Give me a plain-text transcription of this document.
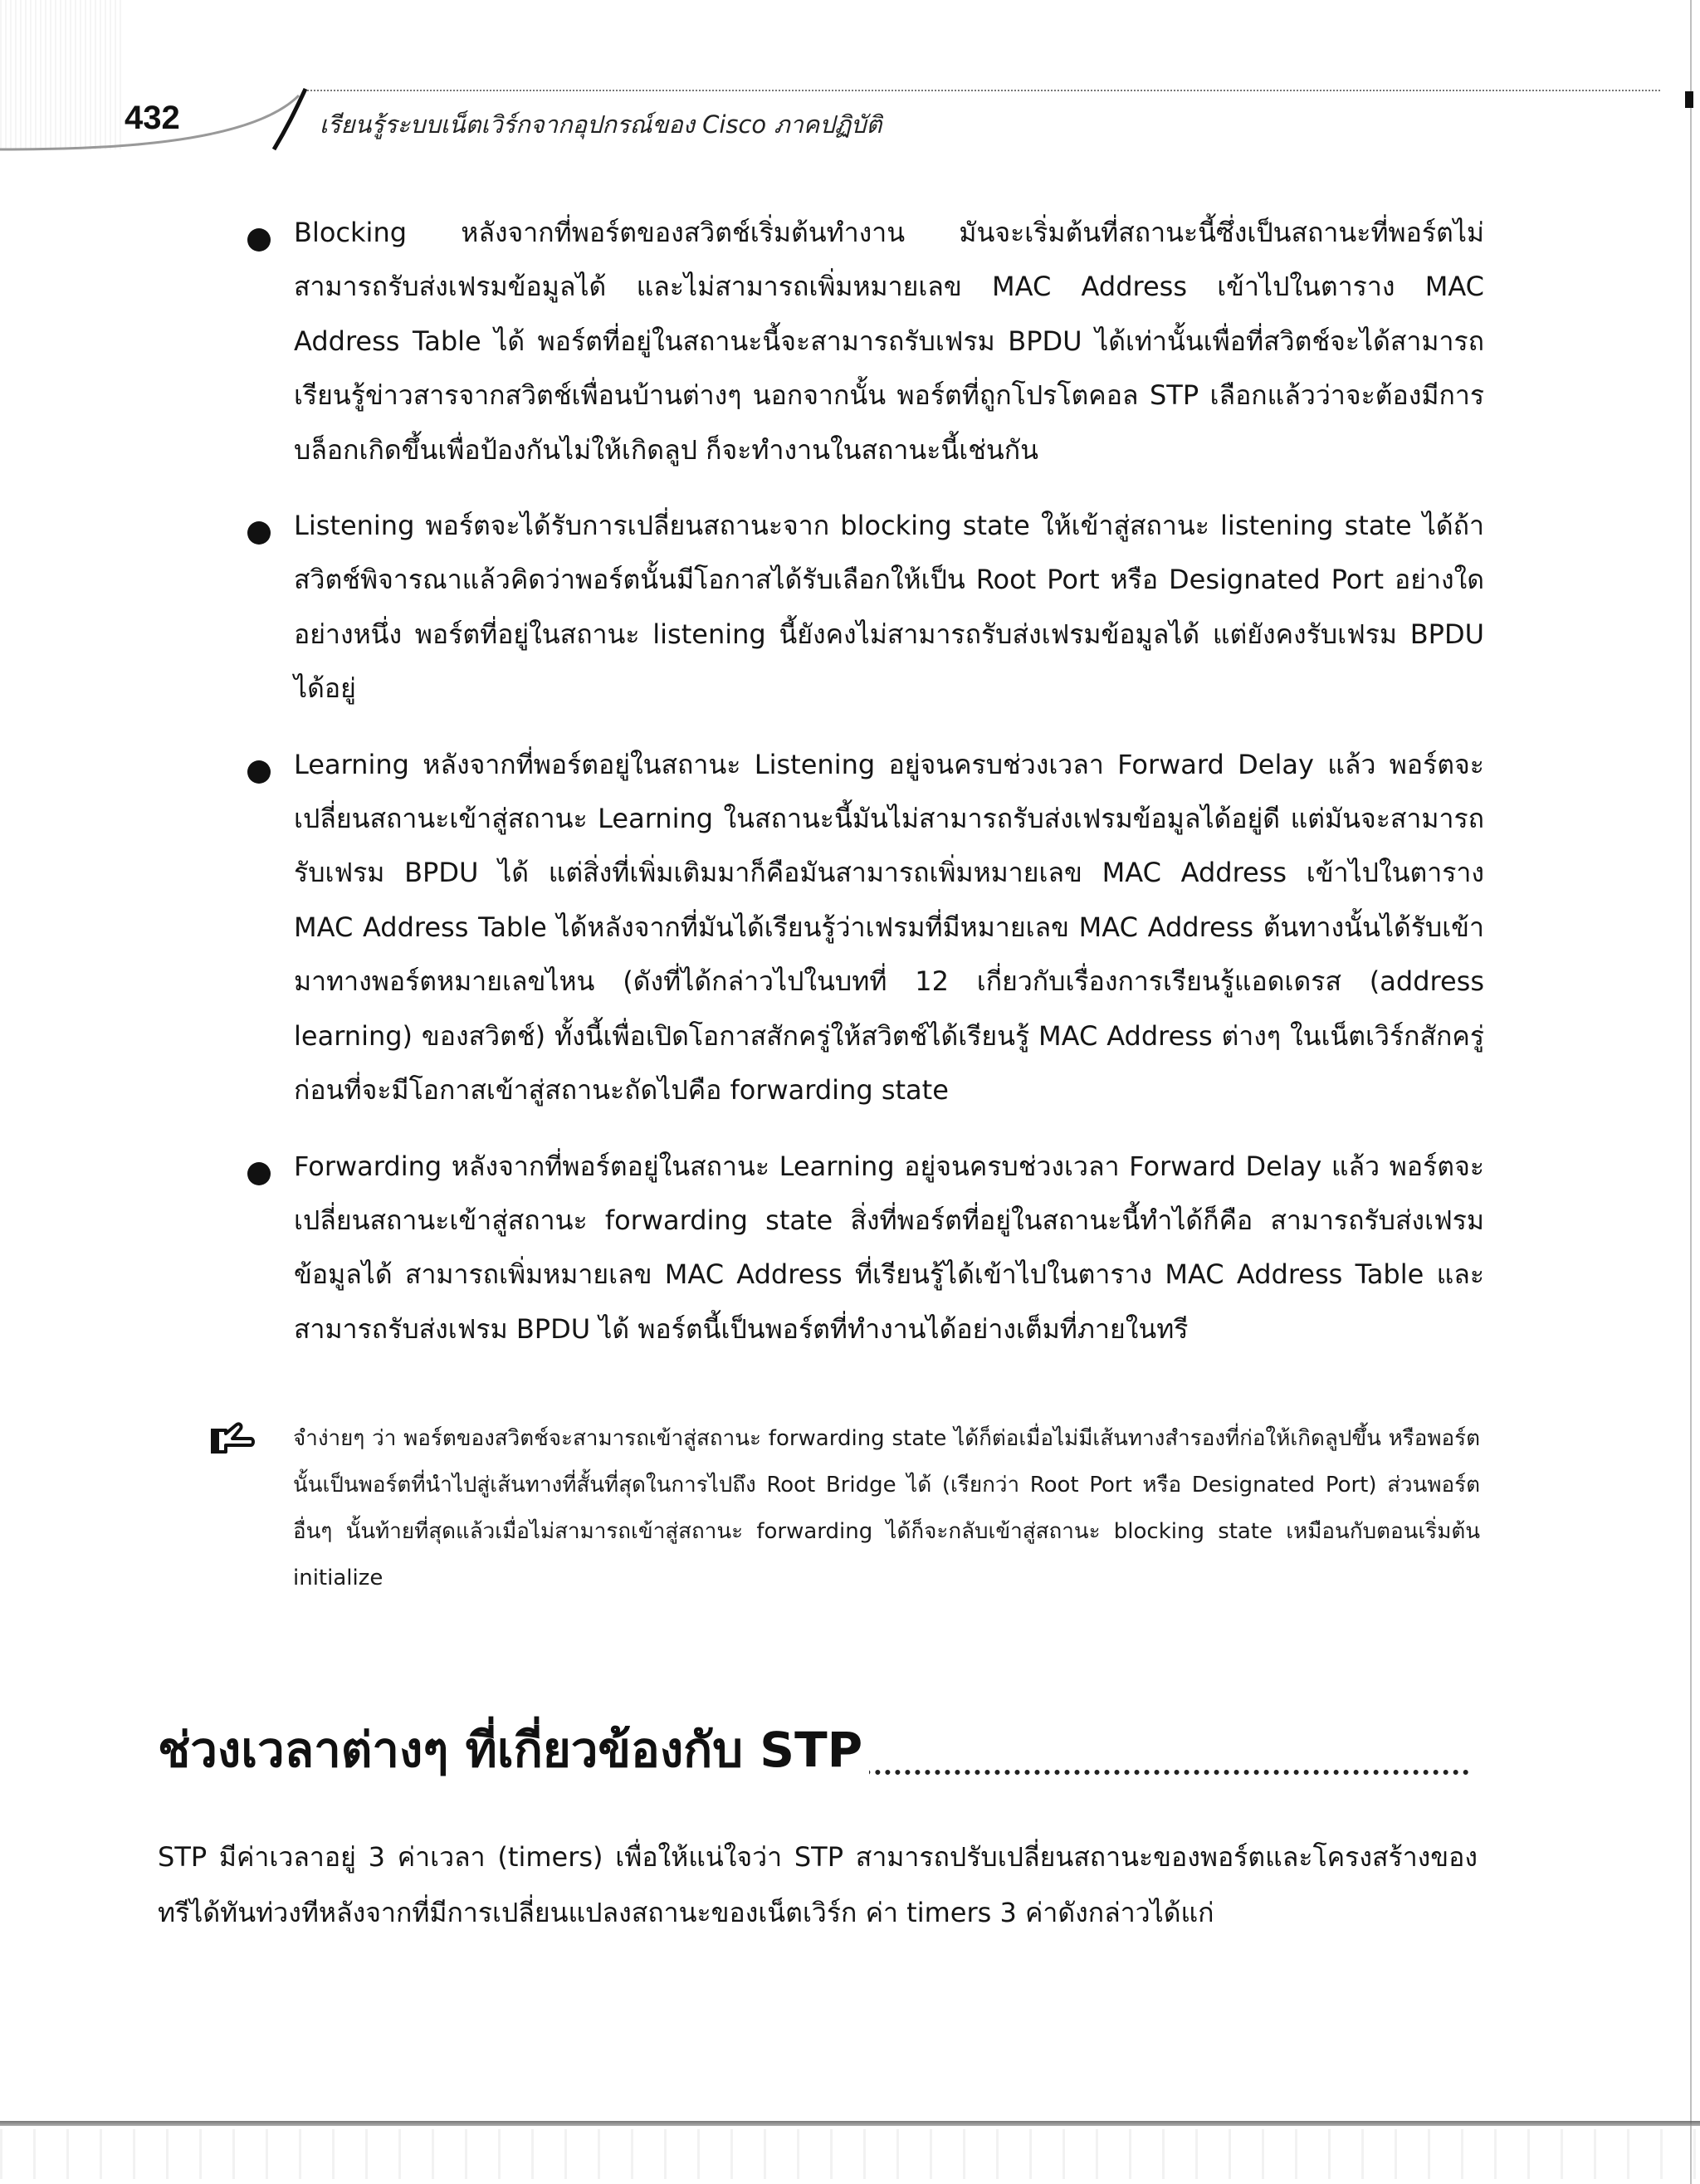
432	เรียนรู้ระบบเน็ตเวิร์กจากอุปกรณ์ของ Cisco ภาคปฏิบัติ
Blocking หลังจากที่พอร์ตของสวิตช์เริ่มต้นทำงาน มันจะเริ่มต้นที่สถานะนี้ซึ่งเป็นสถานะที่พอร์ตไม่สามารถรับส่งเฟรมข้อมูลได้ และไม่สามารถเพิ่มหมายเลข MAC Address เข้าไปในตาราง MAC Address Table ได้ พอร์ตที่อยู่ในสถานะนี้จะสามารถรับเฟรม BPDU ได้เท่านั้นเพื่อที่สวิตช์จะได้สามารถเรียนรู้ข่าวสารจากสวิตช์เพื่อนบ้านต่างๆ นอกจากนั้น พอร์ตที่ถูกโปรโตคอล STP เลือกแล้วว่าจะต้องมีการบล็อกเกิดขึ้นเพื่อป้องกันไม่ให้เกิดลูป ก็จะทำงานในสถานะนี้เช่นกัน
Listening พอร์ตจะได้รับการเปลี่ยนสถานะจาก blocking state ให้เข้าสู่สถานะ listening state ได้ถ้าสวิตช์พิจารณาแล้วคิดว่าพอร์ตนั้นมีโอกาสได้รับเลือกให้เป็น Root Port หรือ Designated Port อย่างใดอย่างหนึ่ง พอร์ตที่อยู่ในสถานะ listening นี้ยังคงไม่สามารถรับส่งเฟรมข้อมูลได้ แต่ยังคงรับเฟรม BPDU ได้อยู่
Learning หลังจากที่พอร์ตอยู่ในสถานะ Listening อยู่จนครบช่วงเวลา Forward Delay แล้ว พอร์ตจะเปลี่ยนสถานะเข้าสู่สถานะ Learning ในสถานะนี้มันไม่สามารถรับส่งเฟรมข้อมูลได้อยู่ดี แต่มันจะสามารถรับเฟรม BPDU ได้ แต่สิ่งที่เพิ่มเติมมาก็คือมันสามารถเพิ่มหมายเลข MAC Address เข้าไปในตาราง MAC Address Table ได้หลังจากที่มันได้เรียนรู้ว่าเฟรมที่มีหมายเลข MAC Address ต้นทางนั้นได้รับเข้ามาทางพอร์ตหมายเลขไหน (ดังที่ได้กล่าวไปในบทที่ 12 เกี่ยวกับเรื่องการเรียนรู้แอดเดรส (address learning) ของสวิตช์) ทั้งนี้เพื่อเปิดโอกาสสักครู่ให้สวิตช์ได้เรียนรู้ MAC Address ต่างๆ ในเน็ตเวิร์กสักครู่ก่อนที่จะมีโอกาสเข้าสู่สถานะถัดไปคือ forwarding state
Forwarding หลังจากที่พอร์ตอยู่ในสถานะ Learning อยู่จนครบช่วงเวลา Forward Delay แล้ว พอร์ตจะเปลี่ยนสถานะเข้าสู่สถานะ forwarding state สิ่งที่พอร์ตที่อยู่ในสถานะนี้ทำได้ก็คือ สามารถรับส่งเฟรมข้อมูลได้ สามารถเพิ่มหมายเลข MAC Address ที่เรียนรู้ได้เข้าไปในตาราง MAC Address Table และสามารถรับส่งเฟรม BPDU ได้ พอร์ตนี้เป็นพอร์ตที่ทำงานได้อย่างเต็มที่ภายในทรี
จำง่ายๆ ว่า พอร์ตของสวิตช์จะสามารถเข้าสู่สถานะ forwarding state ได้ก็ต่อเมื่อไม่มีเส้นทางสำรองที่ก่อให้เกิดลูปขึ้น หรือพอร์ตนั้นเป็นพอร์ตที่นำไปสู่เส้นทางที่สั้นที่สุดในการไปถึง Root Bridge ได้ (เรียกว่า Root Port หรือ Designated Port) ส่วนพอร์ตอื่นๆ นั้นท้ายที่สุดแล้วเมื่อไม่สามารถเข้าสู่สถานะ forwarding ได้ก็จะกลับเข้าสู่สถานะ blocking state เหมือนกับตอนเริ่มต้น initialize
ช่วงเวลาต่างๆ ที่เกี่ยวข้องกับ STP
STP มีค่าเวลาอยู่ 3 ค่าเวลา (timers) เพื่อให้แน่ใจว่า STP สามารถปรับเปลี่ยนสถานะของพอร์ตและโครงสร้างของทรีได้ทันท่วงทีหลังจากที่มีการเปลี่ยนแปลงสถานะของเน็ตเวิร์ก ค่า timers 3 ค่าดังกล่าวได้แก่
